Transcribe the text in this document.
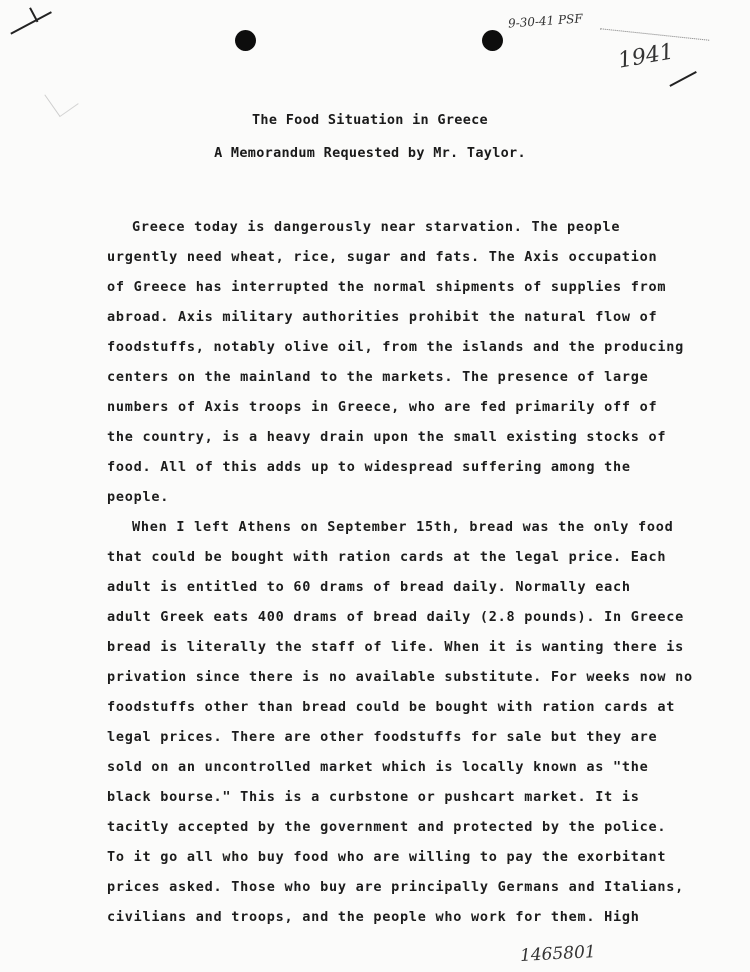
9-30-41 PSF
1941
The Food Situation in Greece
A Memorandum Requested by Mr. Taylor.
Greece today is dangerously near starvation. The people
urgently need wheat, rice, sugar and fats. The Axis occupation
of Greece has interrupted the normal shipments of supplies from
abroad. Axis military authorities prohibit the natural flow of
foodstuffs, notably olive oil, from the islands and the producing
centers on the mainland to the markets. The presence of large
numbers of Axis troops in Greece, who are fed primarily off of
the country, is a heavy drain upon the small existing stocks of
food. All of this adds up to widespread suffering among the
people.
When I left Athens on September 15th, bread was the only food
that could be bought with ration cards at the legal price. Each
adult is entitled to 60 drams of bread daily. Normally each
adult Greek eats 400 drams of bread daily (2.8 pounds). In Greece
bread is literally the staff of life. When it is wanting there is
privation since there is no available substitute. For weeks now no
foodstuffs other than bread could be bought with ration cards at
legal prices. There are other foodstuffs for sale but they are
sold on an uncontrolled market which is locally known as "the
black bourse." This is a curbstone or pushcart market. It is
tacitly accepted by the government and protected by the police.
To it go all who buy food who are willing to pay the exorbitant
prices asked. Those who buy are principally Germans and Italians,
civilians and troops, and the people who work for them. High
1465801
